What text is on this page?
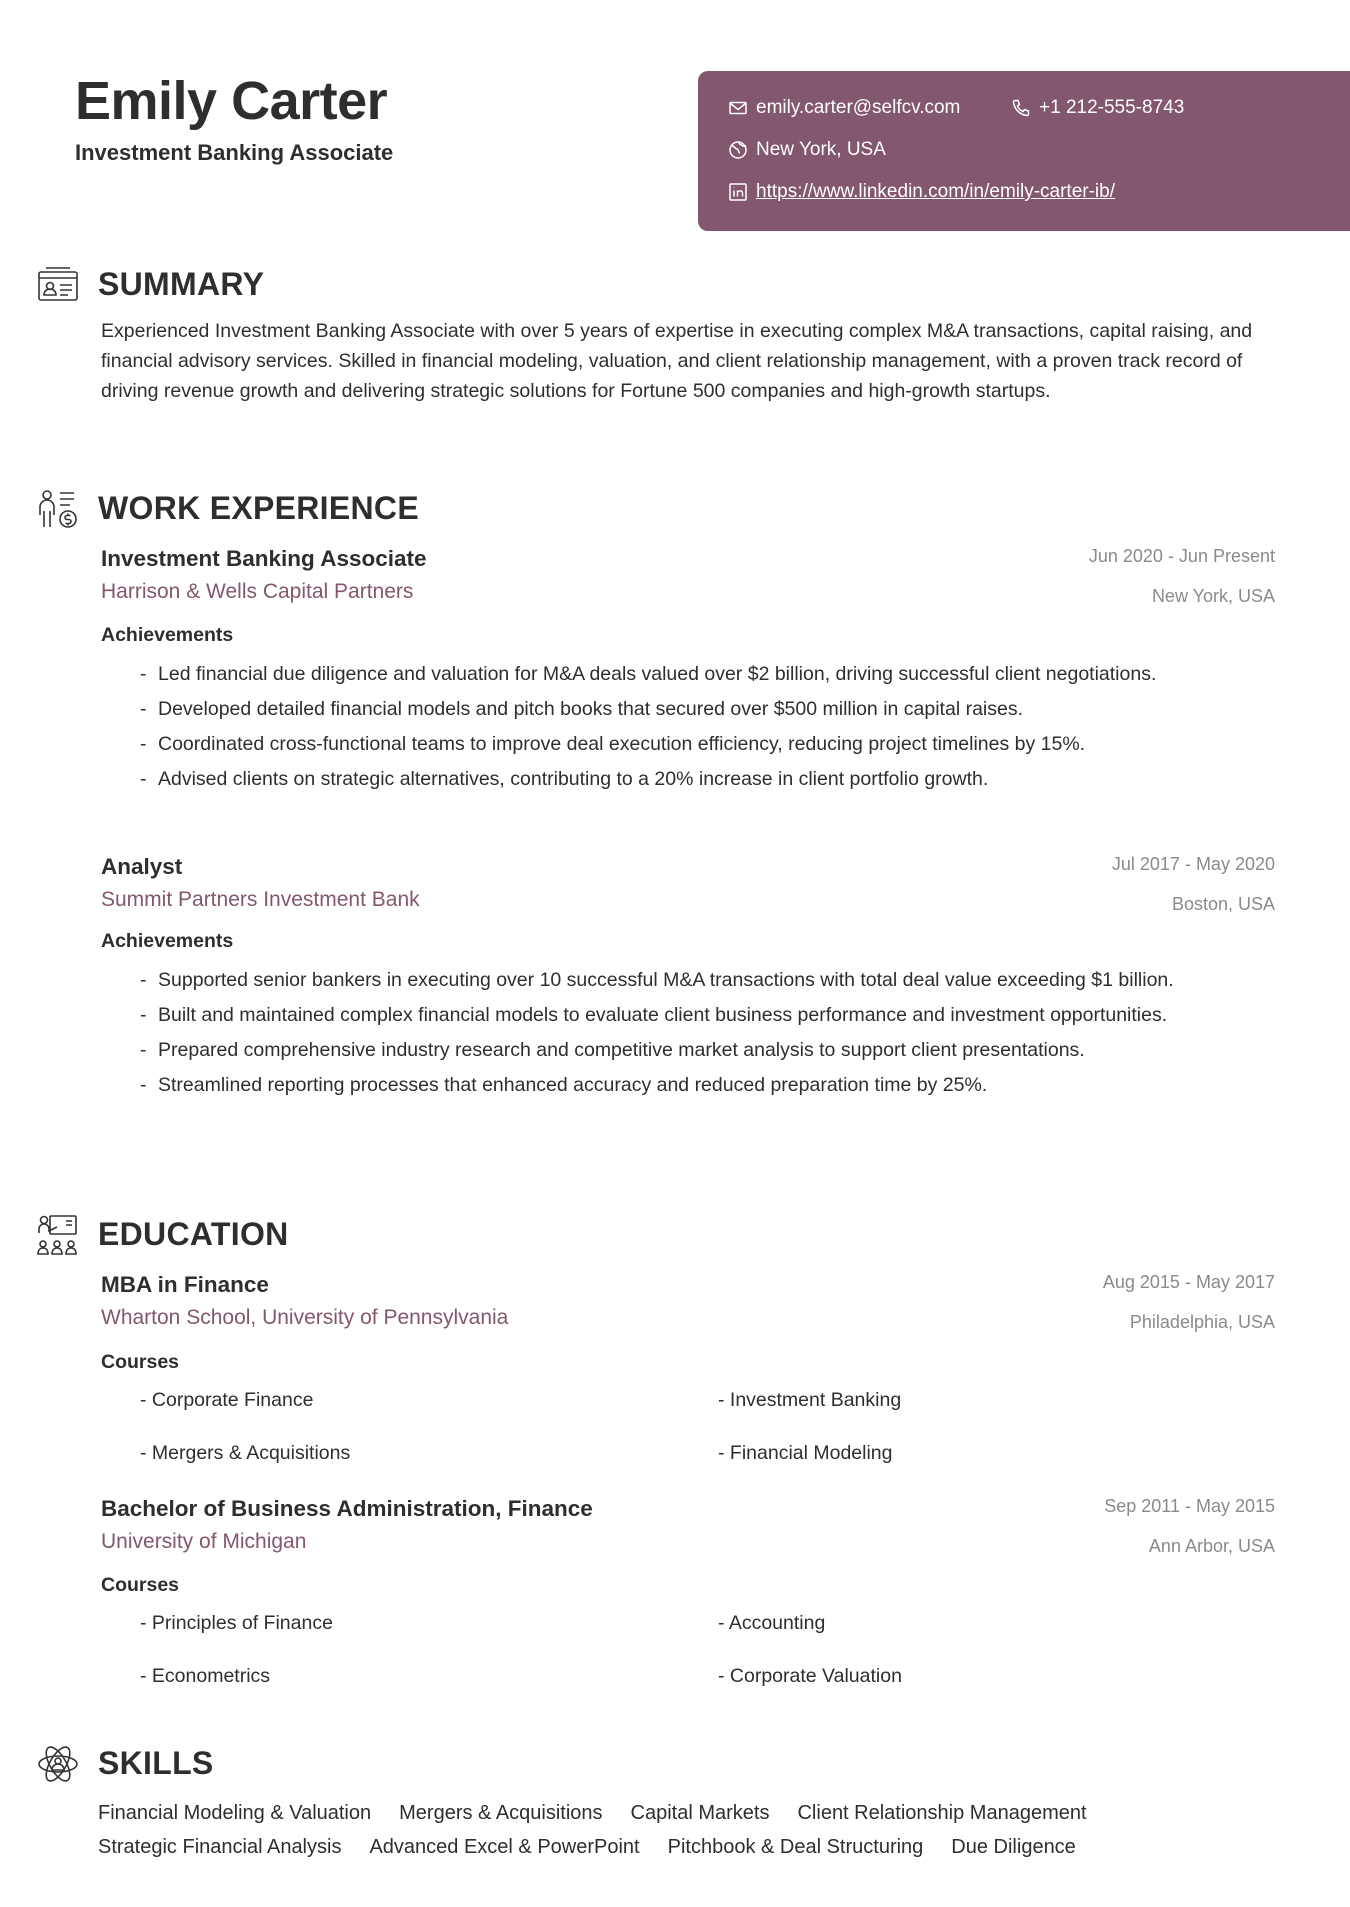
Emily Carter
Investment Banking Associate
emily.carter@selfcv.com	+1 212-555-8743
New York, USA
https://www.linkedin.com/in/emily-carter-ib/
SUMMARY
Experienced Investment Banking Associate with over 5 years of expertise in executing complex M&A transactions, capital raising, and financial advisory services. Skilled in financial modeling, valuation, and client relationship management, with a proven track record of driving revenue growth and delivering strategic solutions for Fortune 500 companies and high-growth startups.
WORK EXPERIENCE
Investment Banking Associate
Harrison & Wells Capital Partners
Jun 2020 - Jun Present
New York, USA
Achievements
- Led financial due diligence and valuation for M&A deals valued over $2 billion, driving successful client negotiations.
- Developed detailed financial models and pitch books that secured over $500 million in capital raises.
- Coordinated cross-functional teams to improve deal execution efficiency, reducing project timelines by 15%.
- Advised clients on strategic alternatives, contributing to a 20% increase in client portfolio growth.
Analyst
Summit Partners Investment Bank
Jul 2017 - May 2020
Boston, USA
Achievements
- Supported senior bankers in executing over 10 successful M&A transactions with total deal value exceeding $1 billion.
- Built and maintained complex financial models to evaluate client business performance and investment opportunities.
- Prepared comprehensive industry research and competitive market analysis to support client presentations.
- Streamlined reporting processes that enhanced accuracy and reduced preparation time by 25%.
EDUCATION
MBA in Finance
Wharton School, University of Pennsylvania
Aug 2015 - May 2017
Philadelphia, USA
Courses
- Corporate Finance	- Investment Banking
- Mergers & Acquisitions	- Financial Modeling
Bachelor of Business Administration, Finance
University of Michigan
Sep 2011 - May 2015
Ann Arbor, USA
Courses
- Principles of Finance	- Accounting
- Econometrics	- Corporate Valuation
SKILLS
Financial Modeling & Valuation Mergers & Acquisitions Capital Markets Client Relationship Management
Strategic Financial Analysis Advanced Excel & PowerPoint Pitchbook & Deal Structuring Due Diligence
